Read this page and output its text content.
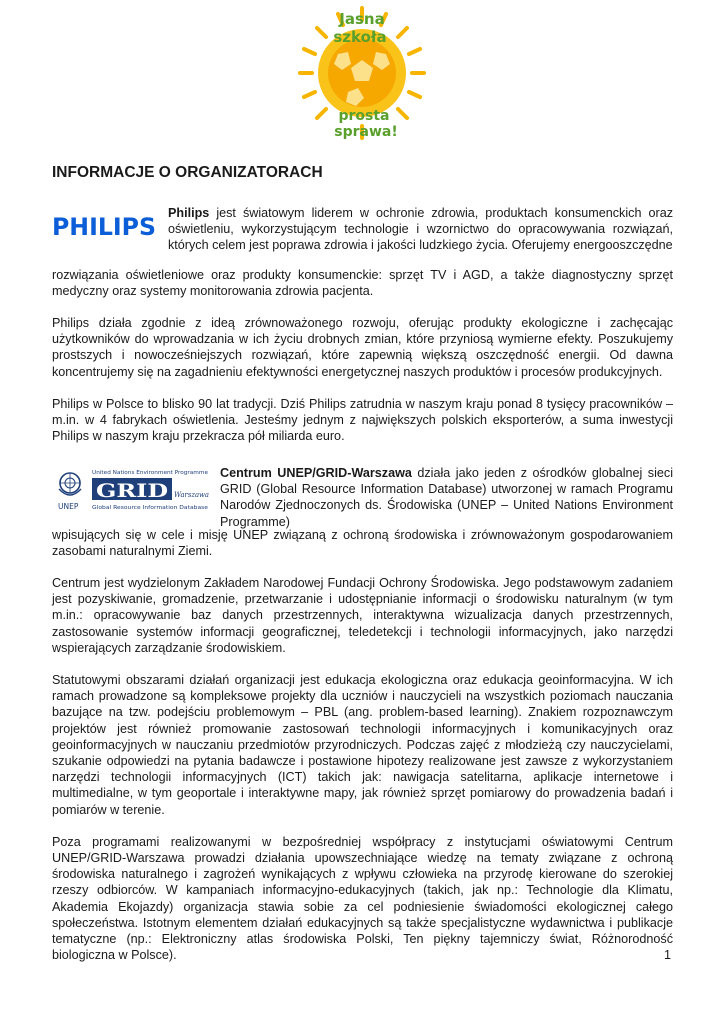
Jasna
szkoła
prosta
sprawa!
INFORMACJE O ORGANIZATORACH
PHILIPS Philips jest światowym liderem w ochronie zdrowia, produktach konsumenckich oraz oświetleniu, wykorzystującym technologie i wzornictwo do opracowywania rozwiązań, których celem jest poprawa zdrowia i jakości ludzkiego życia. Oferujemy energooszczędne

rozwiązania oświetleniowe oraz produkty konsumenckie: sprzęt TV i AGD, a także diagnostyczny sprzęt medyczny oraz systemy monitorowania zdrowia pacjenta.

Philips działa zgodnie z ideą zrównoważonego rozwoju, oferując produkty ekologiczne i zachęcając użytkowników do wprowadzania w ich życiu drobnych zmian, które przyniosą wymierne efekty. Poszukujemy prostszych i nowocześniejszych rozwiązań, które zapewnią większą oszczędność energii. Od dawna koncentrujemy się na zagadnieniu efektywności energetycznej naszych produktów i procesów produkcyjnych.

Philips w Polsce to blisko 90 lat tradycji. Dziś Philips zatrudnia w naszym kraju ponad 8 tysięcy pracowników – m.in. w 4 fabrykach oświetlenia. Jesteśmy jednym z największych polskich eksporterów, a suma inwestycji Philips w naszym kraju przekracza pół miliarda euro.

UNEP
United Nations Environment Programme
GRID Warszawa
Global Resource Information Database
Centrum UNEP/GRID-Warszawa działa jako jeden z ośrodków globalnej sieci GRID (Global Resource Information Database) utworzonej w ramach Programu Narodów Zjednoczonych ds. Środowiska (UNEP – United Nations Environment Programme)

wpisujących się w cele i misję UNEP związaną z ochroną środowiska i zrównoważonym gospodarowaniem zasobami naturalnymi Ziemi.

Centrum jest wydzielonym Zakładem Narodowej Fundacji Ochrony Środowiska. Jego podstawowym zadaniem jest pozyskiwanie, gromadzenie, przetwarzanie i udostępnianie informacji o środowisku naturalnym (w tym m.in.: opracowywanie baz danych przestrzennych, interaktywna wizualizacja danych przestrzennych, zastosowanie systemów informacji geograficznej, teledetekcji i technologii informacyjnych, jako narzędzi wspierających zarządzanie środowiskiem.

Statutowymi obszarami działań organizacji jest edukacja ekologiczna oraz edukacja geoinformacyjna. W ich ramach prowadzone są kompleksowe projekty dla uczniów i nauczycieli na wszystkich poziomach nauczania bazujące na tzw. podejściu problemowym – PBL (ang. problem-based learning). Znakiem rozpoznawczym projektów jest również promowanie zastosowań technologii informacyjnych i komunikacyjnych oraz geoinformacyjnych w nauczaniu przedmiotów przyrodniczych. Podczas zajęć z młodzieżą czy nauczycielami, szukanie odpowiedzi na pytania badawcze i postawione hipotezy realizowane jest zawsze z wykorzystaniem narzędzi technologii informacyjnych (ICT) takich jak: nawigacja satelitarna, aplikacje internetowe i multimedialne, w tym geoportale i interaktywne mapy, jak również sprzęt pomiarowy do prowadzenia badań i pomiarów w terenie.

Poza programami realizowanymi w bezpośredniej współpracy z instytucjami oświatowymi Centrum UNEP/GRID-Warszawa prowadzi działania upowszechniające wiedzę na tematy związane z ochroną środowiska naturalnego i zagrożeń wynikających z wpływu człowieka na przyrodę kierowane do szerokiej rzeszy odbiorców. W kampaniach informacyjno-edukacyjnych (takich, jak np.: Technologie dla Klimatu, Akademia Ekojazdy) organizacja stawia sobie za cel podniesienie świadomości ekologicznej całego społeczeństwa. Istotnym elementem działań edukacyjnych są także specjalistyczne wydawnictwa i publikacje tematyczne (np.: Elektroniczny atlas środowiska Polski, Ten piękny tajemniczy świat, Różnorodność biologiczna w Polsce).	1
